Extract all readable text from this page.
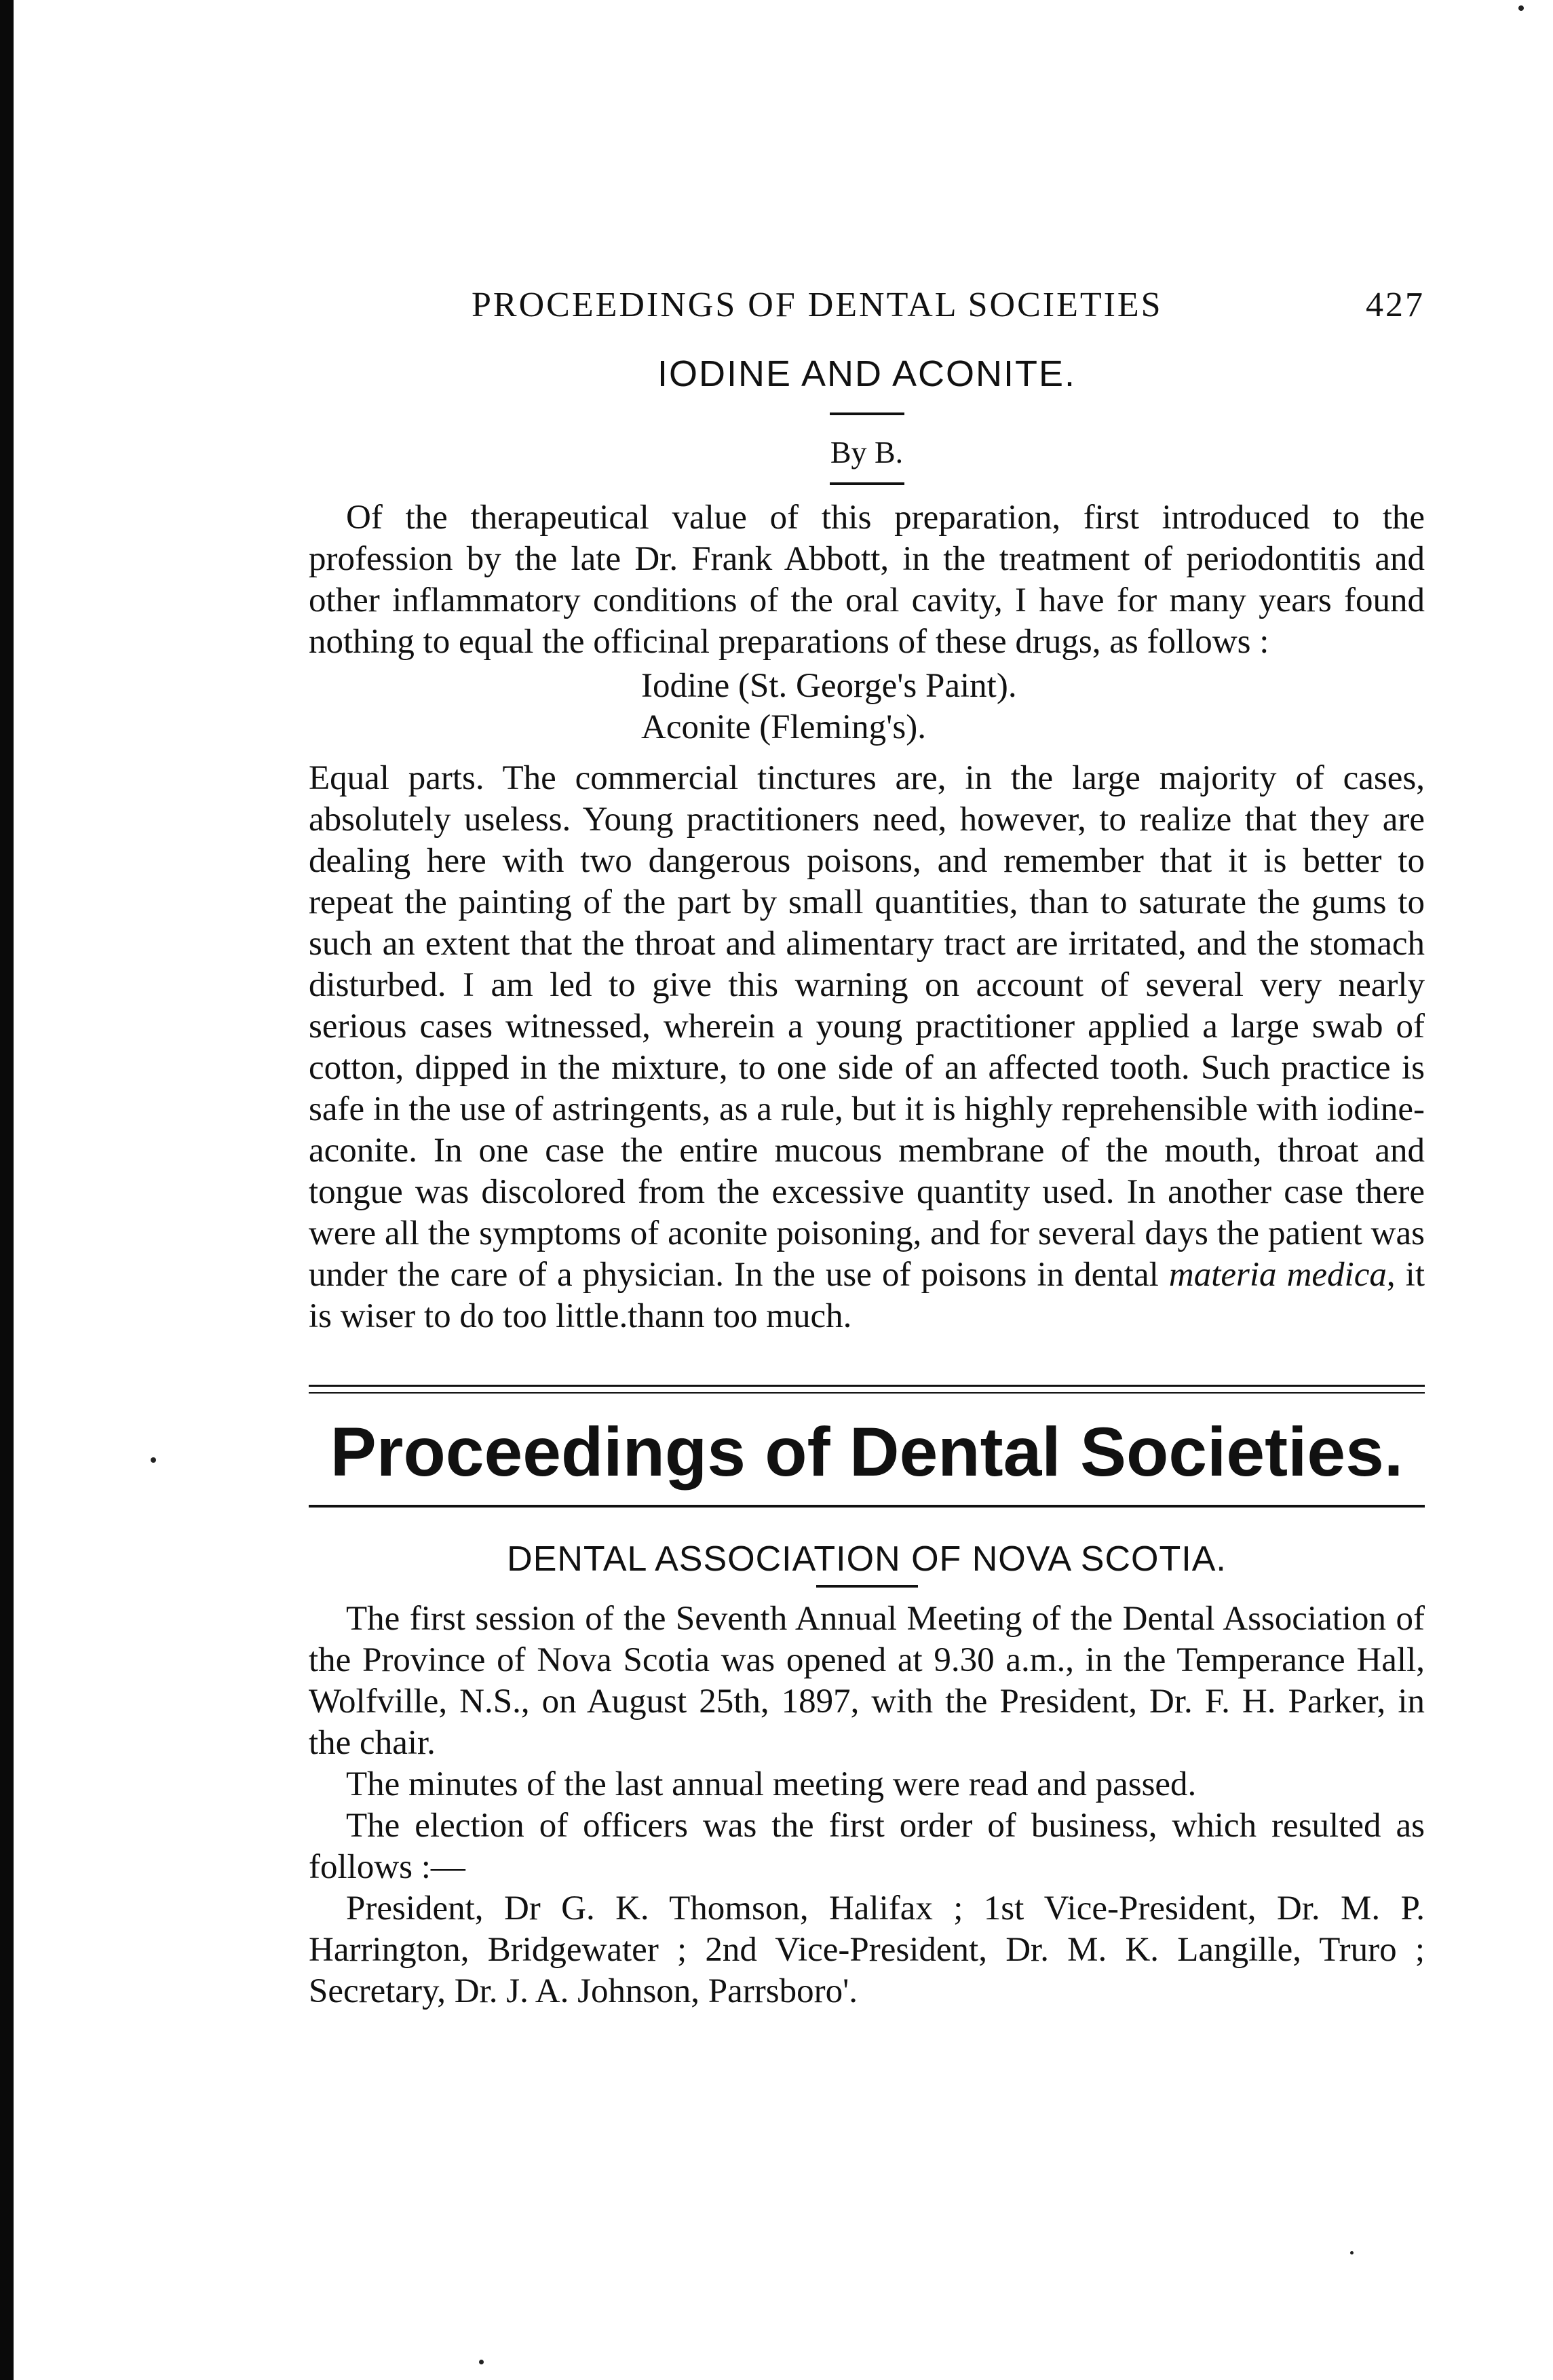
PROCEEDINGS OF DENTAL SOCIETIES	427
IODINE AND ACONITE.
By B.

Of the therapeutical value of this preparation, first introduced to the profession by the late Dr. Frank Abbott, in the treatment of periodontitis and other inflammatory conditions of the oral cavity, I have for many years found nothing to equal the officinal preparations of these drugs, as follows :

Iodine (St. George's Paint).
Aconite (Fleming's).

Equal parts. The commercial tinctures are, in the large majority of cases, absolutely useless. Young practitioners need, however, to realize that they are dealing here with two dangerous poisons, and remember that it is better to repeat the painting of the part by small quantities, than to saturate the gums to such an extent that the throat and alimentary tract are irritated, and the stomach disturbed. I am led to give this warning on account of several very nearly serious cases witnessed, wherein a young practitioner applied a large swab of cotton, dipped in the mixture, to one side of an affected tooth. Such practice is safe in the use of astringents, as a rule, but it is highly reprehensible with iodine-aconite. In one case the entire mucous membrane of the mouth, throat and tongue was discolored from the excessive quantity used. In another case there were all the symptoms of aconite poisoning, and for several days the patient was under the care of a physician. In the use of poisons in dental materia medica, it is wiser to do too little.thann too much.

Proceedings of Dental Societies.
DENTAL ASSOCIATION OF NOVA SCOTIA.

The first session of the Seventh Annual Meeting of the Dental Association of the Province of Nova Scotia was opened at 9.30 a.m., in the Temperance Hall, Wolfville, N.S., on August 25th, 1897, with the President, Dr. F. H. Parker, in the chair.

The minutes of the last annual meeting were read and passed.

The election of officers was the first order of business, which resulted as follows :—

President, Dr G. K. Thomson, Halifax ; 1st Vice-President, Dr. M. P. Harrington, Bridgewater ; 2nd Vice-President, Dr. M. K. Langille, Truro ; Secretary, Dr. J. A. Johnson, Parrsboro'.
